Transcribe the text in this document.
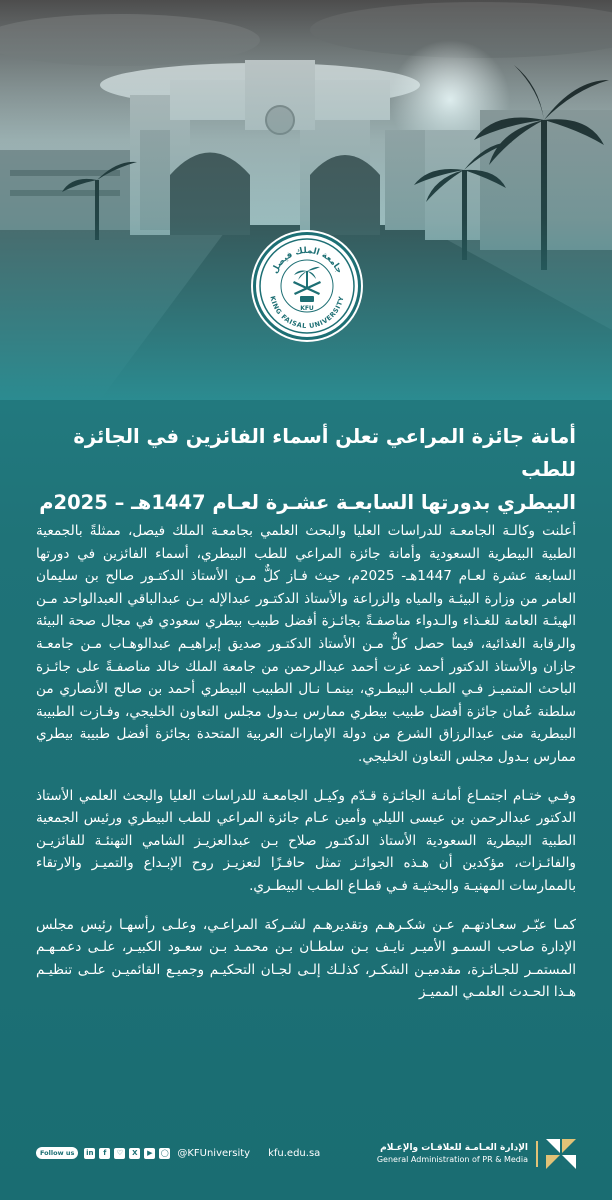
جامعة الملك فيصل
KING FAISAL UNIVERSITY
KFU
أمانة جائزة المراعي تعلن أسماء الفائزين في الجائزة للطب
البيطري بدورتها السابعـة عشـرة لعـام 1447هـ – 2025م

أعلنت وكالـة الجامعـة للدراسات العليا والبحث العلمي بجامعـة الملك فيصل، ممثلةً بالجمعية الطبية البيطرية السعودية وأمانة جائزة المراعي للطب البيطري، أسماء الفائزين في دورتها السابعة عشرة لعـام 1447هـ- 2025م، حيث فـاز كلٌّ مـن الأستاذ الدكتـور صالح بن سليمان العامر من وزارة البيئـة والمياه والزراعة والأستاذ الدكتـور عبدالإله بـن عبدالباقي العبدالواحد مـن الهيئـة العامة للغـذاء والـدواء مناصفـةً بجائـزة أفضل طبيب بيطري سعودي في مجال صحة البيئة والرقابة الغذائية، فيما حصل كلٌّ مـن الأستاذ الدكتـور صديق إبراهيـم عبدالوهـاب مـن جامعـة جازان والأستاذ الدكتور أحمد عزت أحمد عبدالرحمن من جامعة الملك خالد مناصفـةً على جائـزة الباحث المتميـز فـي الطـب البيطـري، بينمـا نـال الطبيب البيطري أحمد بن صالح الأنصاري من سلطنة عُمان جائزة أفضل طبيب بيطري ممارس بـدول مجلس التعاون الخليجي، وفـازت الطبيبة البيطرية منى عبدالرزاق الشرع من دولة الإمارات العربية المتحدة بجائزة أفضل طبيبة بيطري ممارس بـدول مجلس التعاون الخليجي.

وفـي ختـام اجتمـاع أمانـة الجائـزة قـدّم وكيـل الجامعـة للدراسات العليا والبحث العلمي الأستاذ الدكتور عبدالرحمن بن عيسى الليلي وأمين عـام جائزة المراعي للطب البيطري ورئيس الجمعية الطبية البيطرية السعودية الأستاذ الدكتـور صلاح بـن عبدالعزيـز الشامي التهنئـة للفائزيـن والفائـزات، مؤكدين أن هـذه الجوائـز تمثل حافـزًا لتعزيـز روح الإبـداع والتميـز والارتقاء بالممارسات المهنيـة والبحثيـة فـي قطـاع الطـب البيطـري.

كمـا عبّـر سعـادتهـم عـن شكـرهـم وتقديرهـم لشـركة المراعـي، وعلـى رأسهـا رئيس مجلس الإدارة صاحب السمـو الأميـر نايـف بـن سلطـان بـن محمـد بـن سعـود الكبيـر، علـى دعمـهـم المستمـر للجـائـزة، مقدميـن الشكـر، كذلـك إلـى لجـان التحكيـم وجميـع القائميـن علـى تنظيـم هـذا الحـدث العلمـي المميـز

Follow us	in	f	♡	X	▶	◯ @KFUniversity kfu.edu.sa	الإدارة العـامـة للعلاقـات والإعـلام
General Administration of PR & Media
